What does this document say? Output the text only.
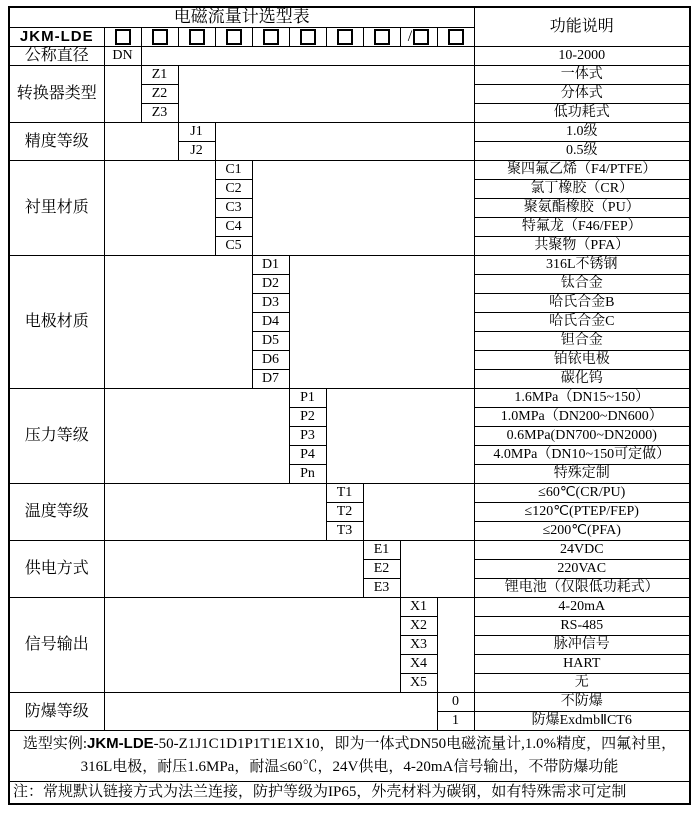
电磁流量计选型表											功能说明
JKM-LDE									/		
公称直径	DN										10-2000
转换器类型		Z1									一体式
		Z2									分体式
		Z3									低功耗式
精度等级			J1								1.0级
			J2								0.5级
衬里材质				C1							聚四氟乙烯（F4/PTFE）
				C2							氯丁橡胶（CR）
				C3							聚氨酯橡胶（PU）
				C4							特氟龙（F46/FEP）
				C5							共聚物（PFA）
电极材质					D1						316L不锈钢
					D2						钛合金
					D3						哈氏合金B
					D4						哈氏合金C
					D5						钽合金
					D6						铂铱电极
					D7						碳化钨
压力等级						P1					1.6MPa（DN15~150）
						P2					1.0MPa（DN200~DN600）
						P3					0.6MPa(DN700~DN2000)
						P4					4.0MPa（DN10~150可定做）
						Pn					特殊定制
温度等级							T1				≤60℃(CR/PU)
							T2				≤120℃(PTEP/FEP)
							T3				≤200℃(PFA)
供电方式								E1			24VDC
								E2			220VAC
								E3			锂电池（仅限低功耗式）
信号输出									X1		4-20mA
									X2		RS-485
									X3		脉冲信号
									X4		HART
									X5		无
防爆等级										0	不防爆
										1	防爆ExdmbⅡCT6
选型实例:JKM-LDE-50-Z1J1C1D1P1T1E1X10，即为一体式DN50电磁流量计,1.0%精度，四氟衬里，316L电极，耐压1.6MPa，耐温≤60℃，24V供电，4-20mA信号输出，不带防爆功能											
注：常规默认链接方式为法兰连接，防护等级为IP65，外壳材料为碳钢，如有特殊需求可定制											
